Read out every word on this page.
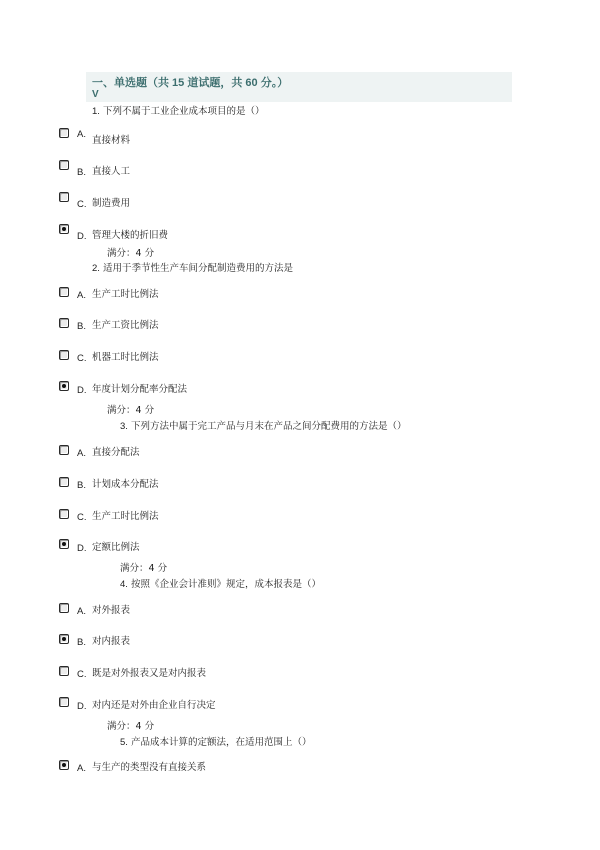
一、单选题（共 15 道试题，共 60 分。）
V
1. 下列不属于工业企业成本项目的是（）
A.
直接材料
B. 直接人工
C. 制造费用
D. 管理大楼的折旧费
满分：4 分
2. 适用于季节性生产车间分配制造费用的方法是
A. 生产工时比例法
B. 生产工资比例法
C. 机器工时比例法
D. 年度计划分配率分配法
满分：4 分
3. 下列方法中属于完工产品与月末在产品之间分配费用的方法是（）
A. 直接分配法
B. 计划成本分配法
C. 生产工时比例法
D. 定额比例法
满分：4 分
4. 按照《企业会计准则》规定，成本报表是（）
A. 对外报表
B. 对内报表
C. 既是对外报表又是对内报表
D. 对内还是对外由企业自行决定
满分：4 分
5. 产品成本计算的定额法，在适用范围上（）
A. 与生产的类型没有直接关系
